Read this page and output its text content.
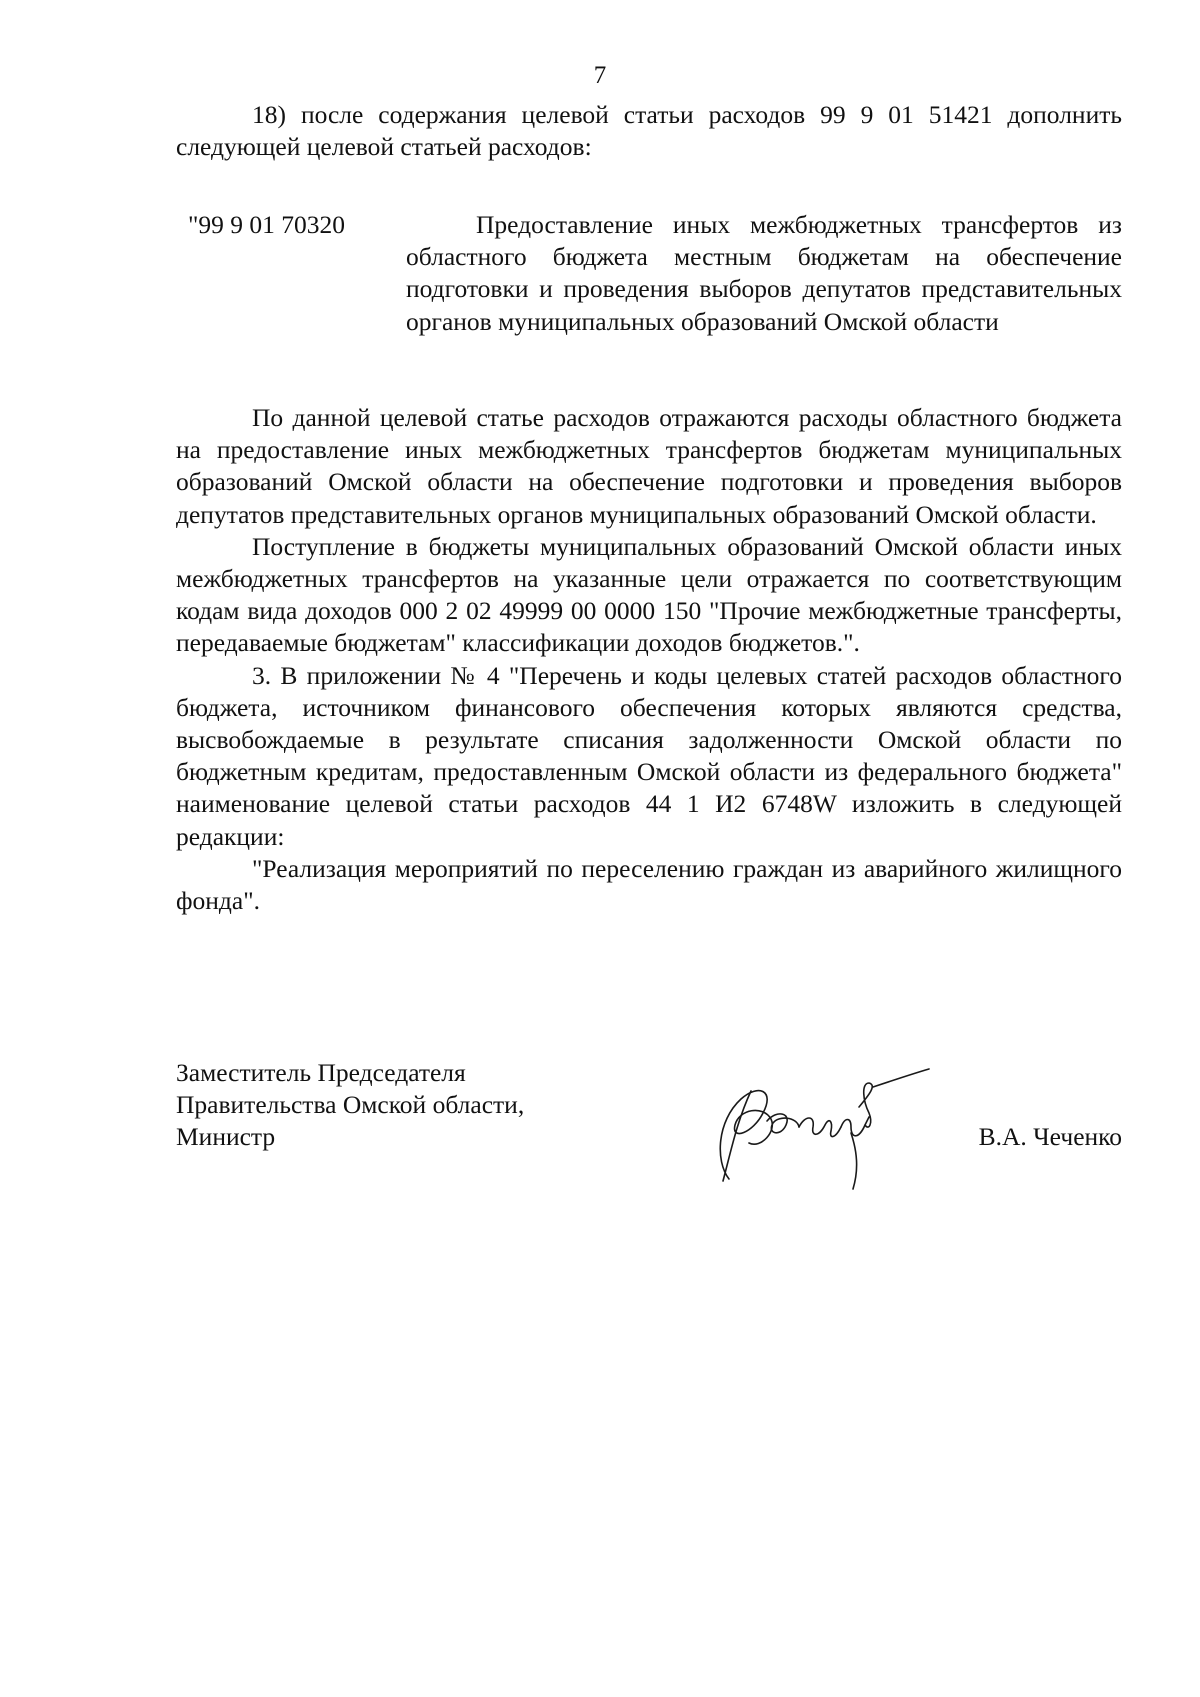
7

18) после содержания целевой статьи расходов 99 9 01 51421 дополнить следующей целевой статьей расходов:

"99 9 01 70320	Предоставление иных межбюджетных трансфертов из областного бюджета местным бюджетам на обеспечение подготовки и проведения выборов депутатов представительных органов муниципальных образований Омской области

По данной целевой статье расходов отражаются расходы областного бюджета на предоставление иных межбюджетных трансфертов бюджетам муниципальных образований Омской области на обеспечение подготовки и проведения выборов депутатов представительных органов муниципальных образований Омской области.

Поступление в бюджеты муниципальных образований Омской области иных межбюджетных трансфертов на указанные цели отражается по соответствующим кодам вида доходов 000 2 02 49999 00 0000 150 "Прочие межбюджетные трансферты, передаваемые бюджетам" классификации доходов бюджетов.".

3. В приложении № 4 "Перечень и коды целевых статей расходов областного бюджета, источником финансового обеспечения которых являются средства, высвобождаемые в результате списания задолженности Омской области по бюджетным кредитам, предоставленным Омской области из федерального бюджета" наименование целевой статьи расходов 44 1 И2 6748W изложить в следующей редакции:

"Реализация мероприятий по переселению граждан из аварийного жилищного фонда".

Заместитель Председателя
Правительства Омской области,
Министр	В.А. Чеченко
